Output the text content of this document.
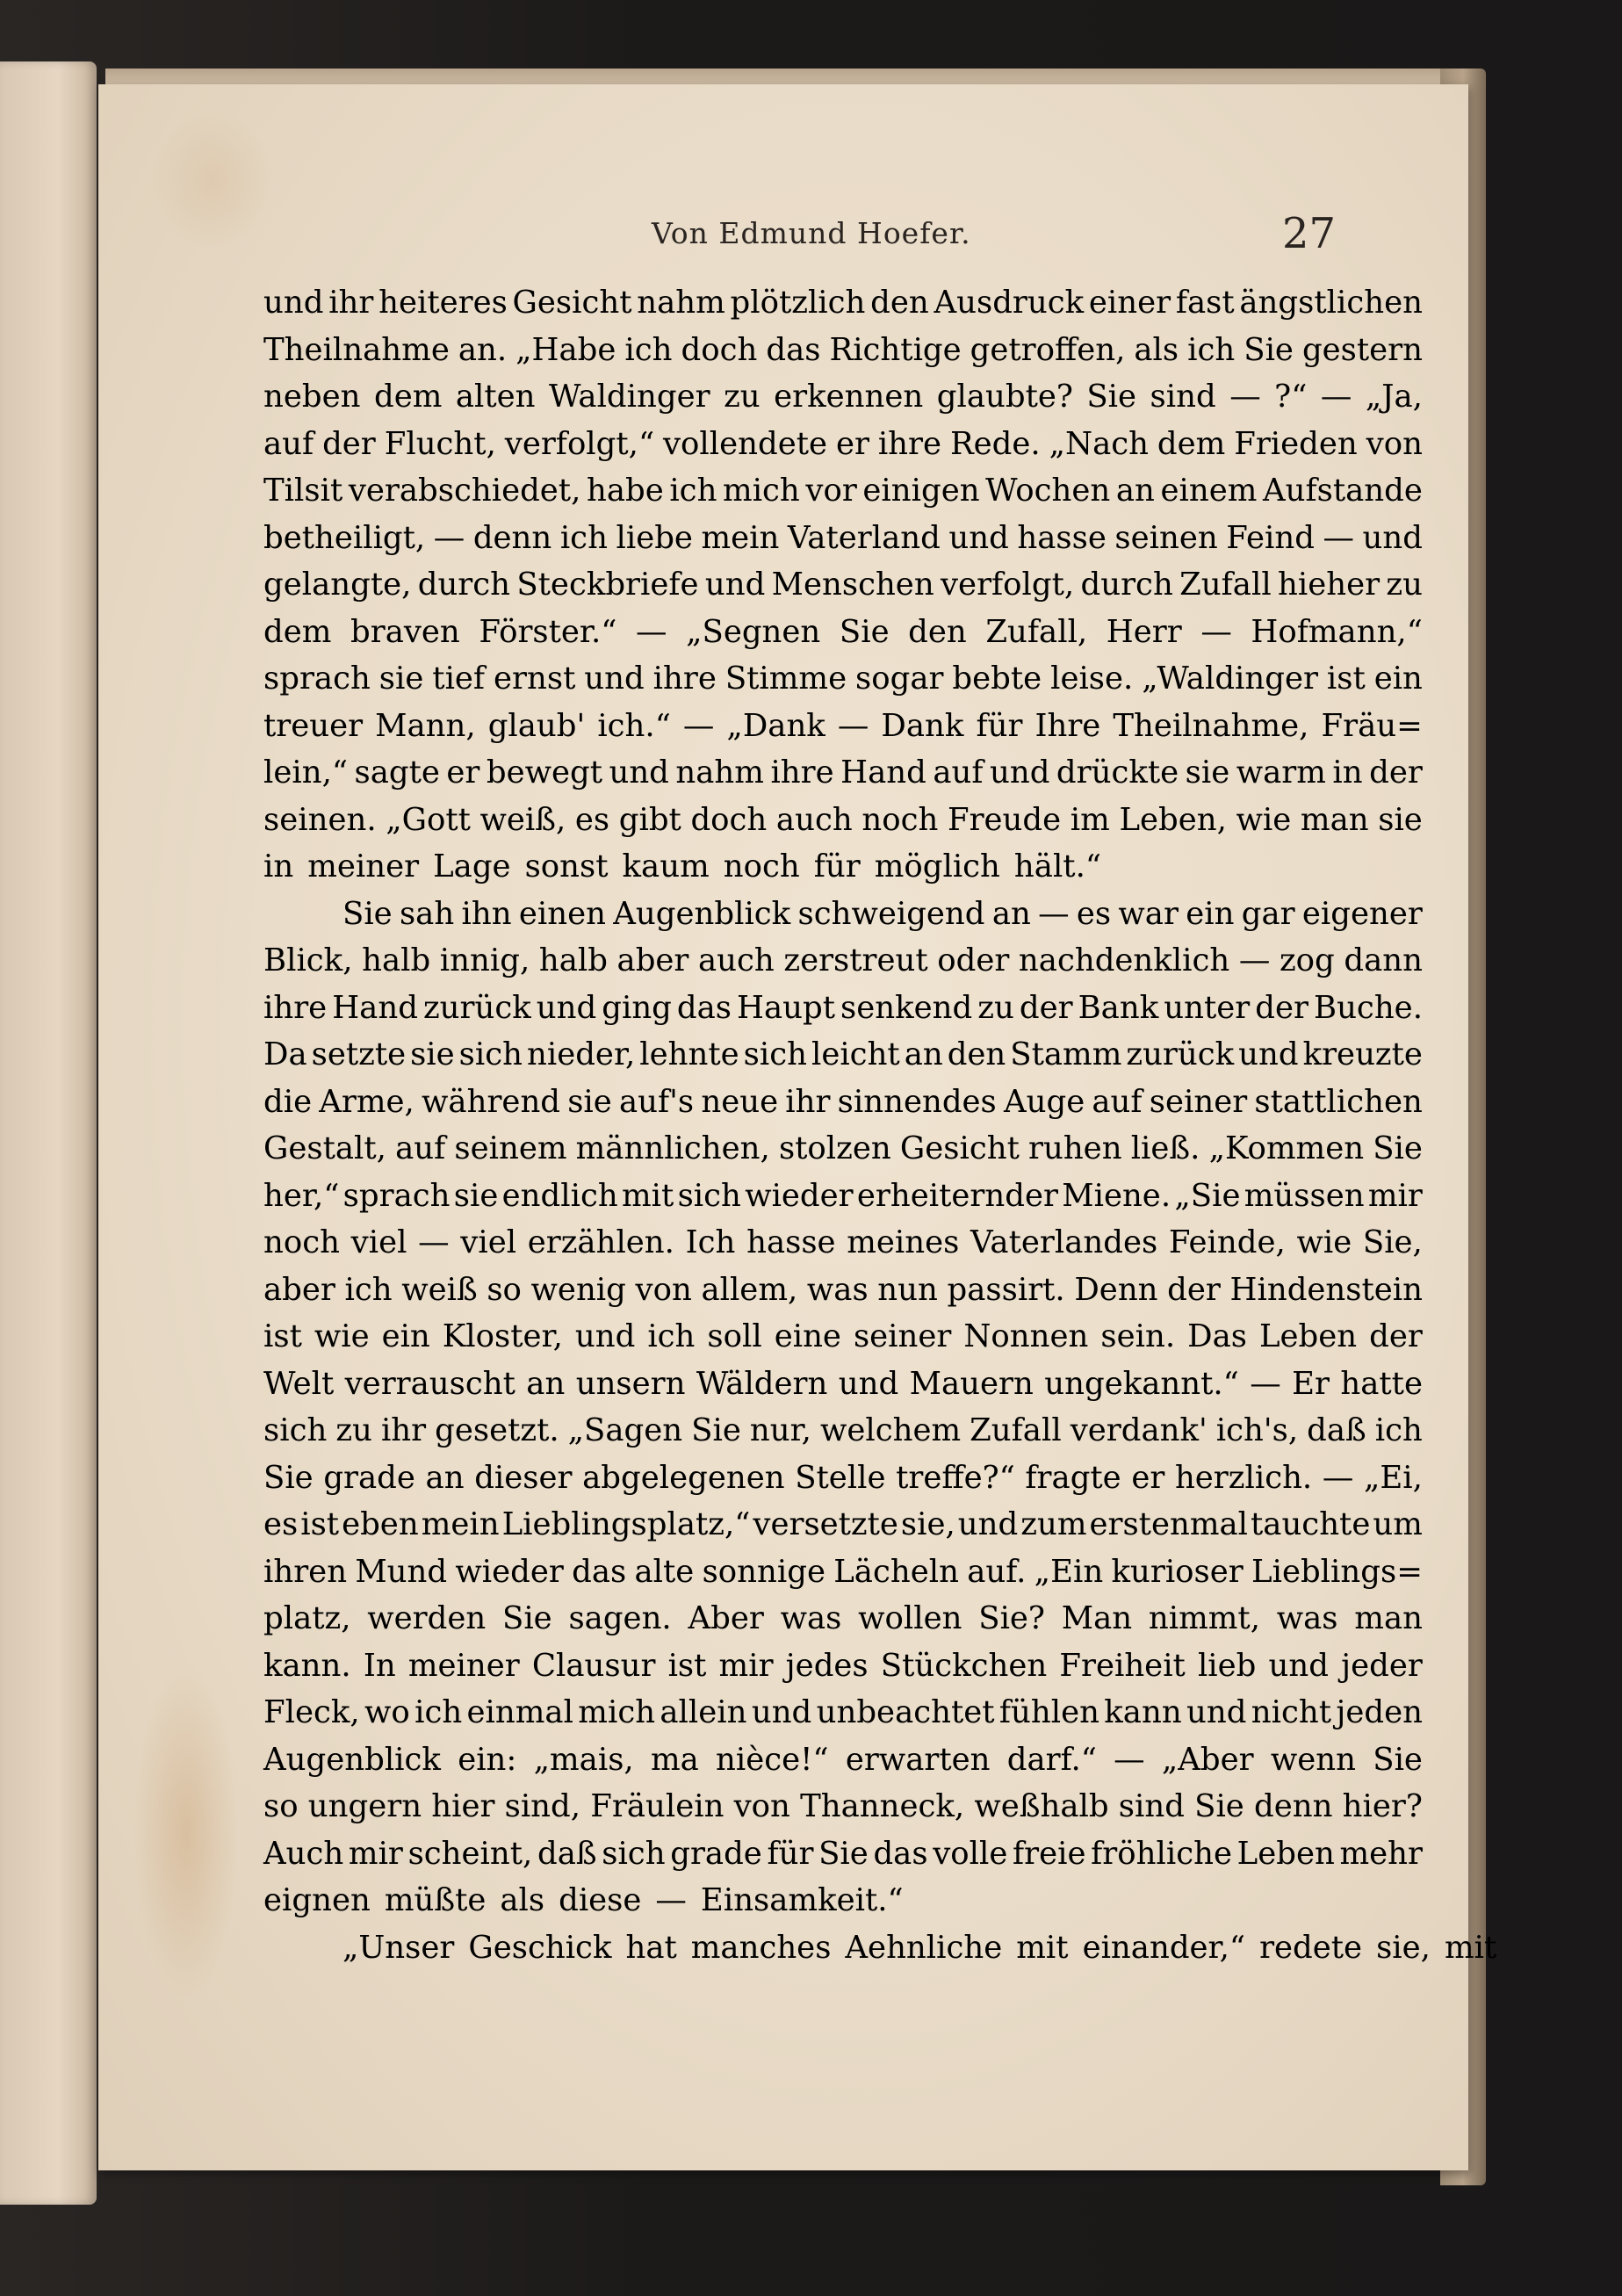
Von Edmund Hoefer.	27
und ihr heiteres Gesicht nahm plötzlich den Ausdruck einer fast ängstlichen
Theilnahme an. „Habe ich doch das Richtige getroffen, als ich Sie gestern
neben dem alten Waldinger zu erkennen glaubte? Sie sind — ?“ — „Ja,
auf der Flucht, verfolgt,“ vollendete er ihre Rede. „Nach dem Frieden von
Tilsit verabschiedet, habe ich mich vor einigen Wochen an einem Aufstande
betheiligt, — denn ich liebe mein Vaterland und hasse seinen Feind — und
gelangte, durch Steckbriefe und Menschen verfolgt, durch Zufall hieher zu
dem braven Förster.“ — „Segnen Sie den Zufall, Herr — Hofmann,“
sprach sie tief ernst und ihre Stimme sogar bebte leise. „Waldinger ist ein
treuer Mann, glaub' ich.“ — „Dank — Dank für Ihre Theilnahme, Fräu=
lein,“ sagte er bewegt und nahm ihre Hand auf und drückte sie warm in der
seinen. „Gott weiß, es gibt doch auch noch Freude im Leben, wie man sie
in meiner Lage sonst kaum noch für möglich hält.“
Sie sah ihn einen Augenblick schweigend an — es war ein gar eigener
Blick, halb innig, halb aber auch zerstreut oder nachdenklich — zog dann
ihre Hand zurück und ging das Haupt senkend zu der Bank unter der Buche.
Da setzte sie sich nieder, lehnte sich leicht an den Stamm zurück und kreuzte
die Arme, während sie auf's neue ihr sinnendes Auge auf seiner stattlichen
Gestalt, auf seinem männlichen, stolzen Gesicht ruhen ließ. „Kommen Sie
her,“ sprach sie endlich mit sich wieder erheiternder Miene. „Sie müssen mir
noch viel — viel erzählen. Ich hasse meines Vaterlandes Feinde, wie Sie,
aber ich weiß so wenig von allem, was nun passirt. Denn der Hindenstein
ist wie ein Kloster, und ich soll eine seiner Nonnen sein. Das Leben der
Welt verrauscht an unsern Wäldern und Mauern ungekannt.“ — Er hatte
sich zu ihr gesetzt. „Sagen Sie nur, welchem Zufall verdank' ich's, daß ich
Sie grade an dieser abgelegenen Stelle treffe?“ fragte er herzlich. — „Ei,
es ist eben mein Lieblingsplatz,“ versetzte sie, und zum erstenmal tauchte um
ihren Mund wieder das alte sonnige Lächeln auf. „Ein kurioser Lieblings=
platz, werden Sie sagen. Aber was wollen Sie? Man nimmt, was man
kann. In meiner Clausur ist mir jedes Stückchen Freiheit lieb und jeder
Fleck, wo ich einmal mich allein und unbeachtet fühlen kann und nicht jeden
Augenblick ein: „mais, ma nièce!“ erwarten darf.“ — „Aber wenn Sie
so ungern hier sind, Fräulein von Thanneck, weßhalb sind Sie denn hier?
Auch mir scheint, daß sich grade für Sie das volle freie fröhliche Leben mehr
eignen müßte als diese — Einsamkeit.“
„Unser Geschick hat manches Aehnliche mit einander,“ redete sie, mit
